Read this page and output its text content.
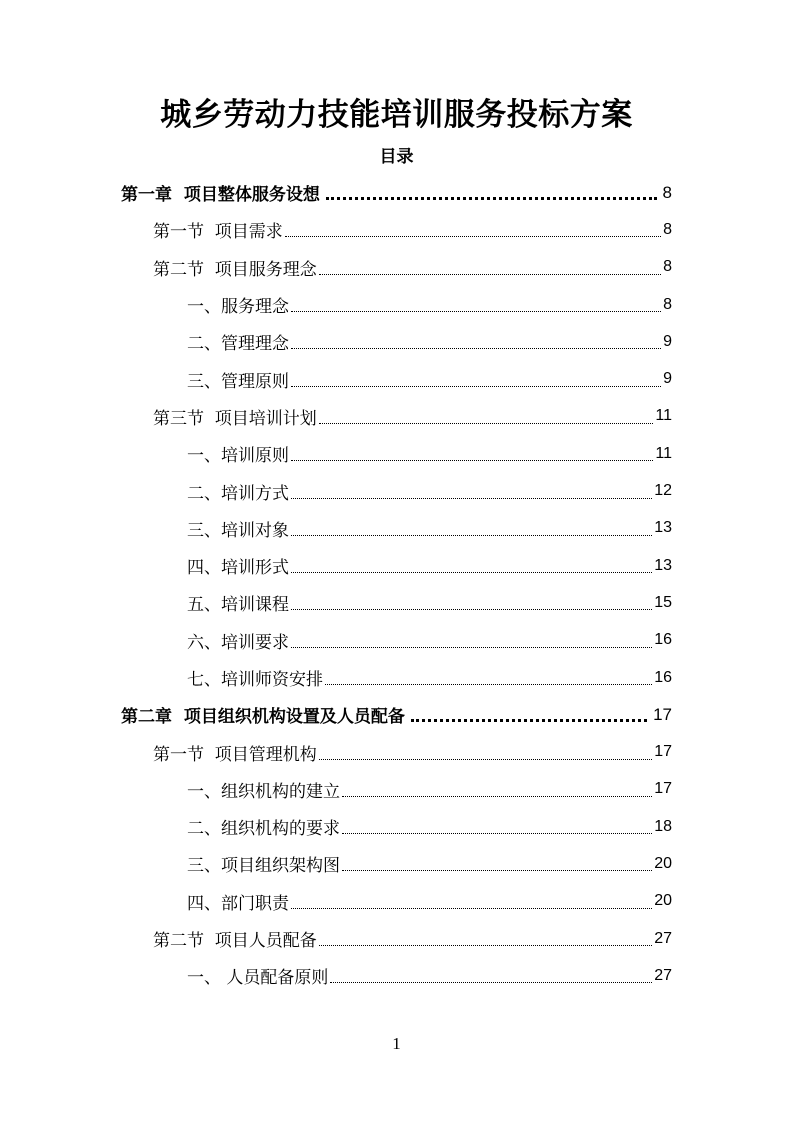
城乡劳动力技能培训服务投标方案
目录
第一章  项目整体服务设想	8
第一节  项目需求	8
第二节  项目服务理念	8
一、服务理念	8
二、管理理念	9
三、管理原则	9
第三节  项目培训计划	11
一、培训原则	11
二、培训方式	12
三、培训对象	13
四、培训形式	13
五、培训课程	15
六、培训要求	16
七、培训师资安排	16
第二章  项目组织机构设置及人员配备	17
第一节  项目管理机构	17
一、组织机构的建立	17
二、组织机构的要求	18
三、项目组织架构图	20
四、部门职责	20
第二节  项目人员配备	27
一、 人员配备原则	27
1
